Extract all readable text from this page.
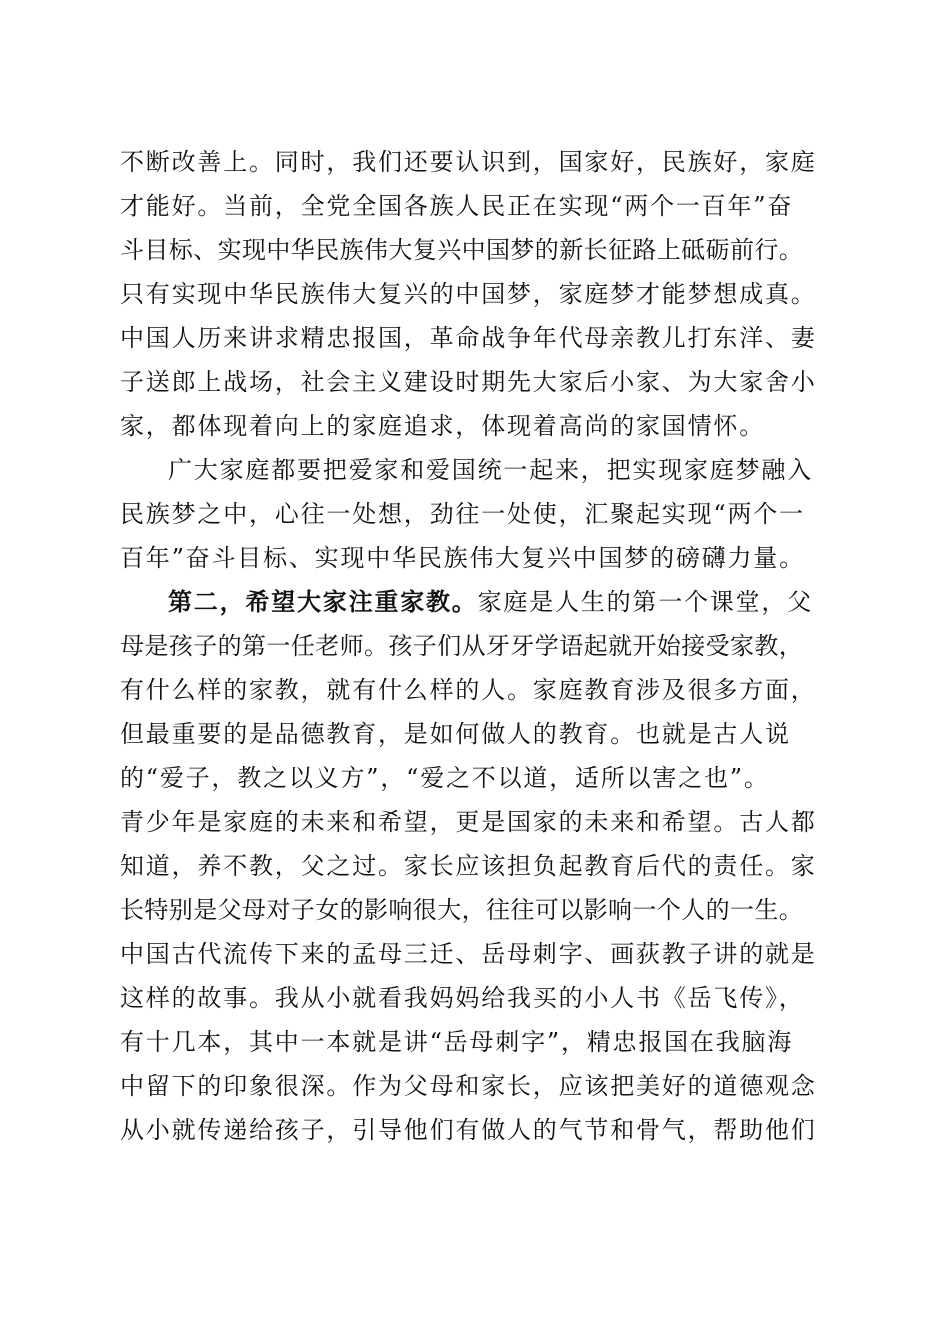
不断改善上。同时，我们还要认识到，国家好，民族好，家庭
才能好。当前，全党全国各族人民正在实现“两个一百年”奋
斗目标、实现中华民族伟大复兴中国梦的新长征路上砥砺前行。
只有实现中华民族伟大复兴的中国梦，家庭梦才能梦想成真。
中国人历来讲求精忠报国，革命战争年代母亲教儿打东洋、妻
子送郎上战场，社会主义建设时期先大家后小家、为大家舍小
家，都体现着向上的家庭追求，体现着高尚的家国情怀。
广大家庭都要把爱家和爱国统一起来，把实现家庭梦融入
民族梦之中，心往一处想，劲往一处使，汇聚起实现“两个一
百年”奋斗目标、实现中华民族伟大复兴中国梦的磅礴力量。
第二，希望大家注重家教。家庭是人生的第一个课堂，父
母是孩子的第一任老师。孩子们从牙牙学语起就开始接受家教，
有什么样的家教，就有什么样的人。家庭教育涉及很多方面，
但最重要的是品德教育，是如何做人的教育。也就是古人说
的“爱子，教之以义方”，“爱之不以道，适所以害之也”。
青少年是家庭的未来和希望，更是国家的未来和希望。古人都
知道，养不教，父之过。家长应该担负起教育后代的责任。家
长特别是父母对子女的影响很大，往往可以影响一个人的一生。
中国古代流传下来的孟母三迁、岳母刺字、画荻教子讲的就是
这样的故事。我从小就看我妈妈给我买的小人书《岳飞传》，
有十几本，其中一本就是讲“岳母刺字”，精忠报国在我脑海
中留下的印象很深。作为父母和家长，应该把美好的道德观念
从小就传递给孩子，引导他们有做人的气节和骨气，帮助他们
